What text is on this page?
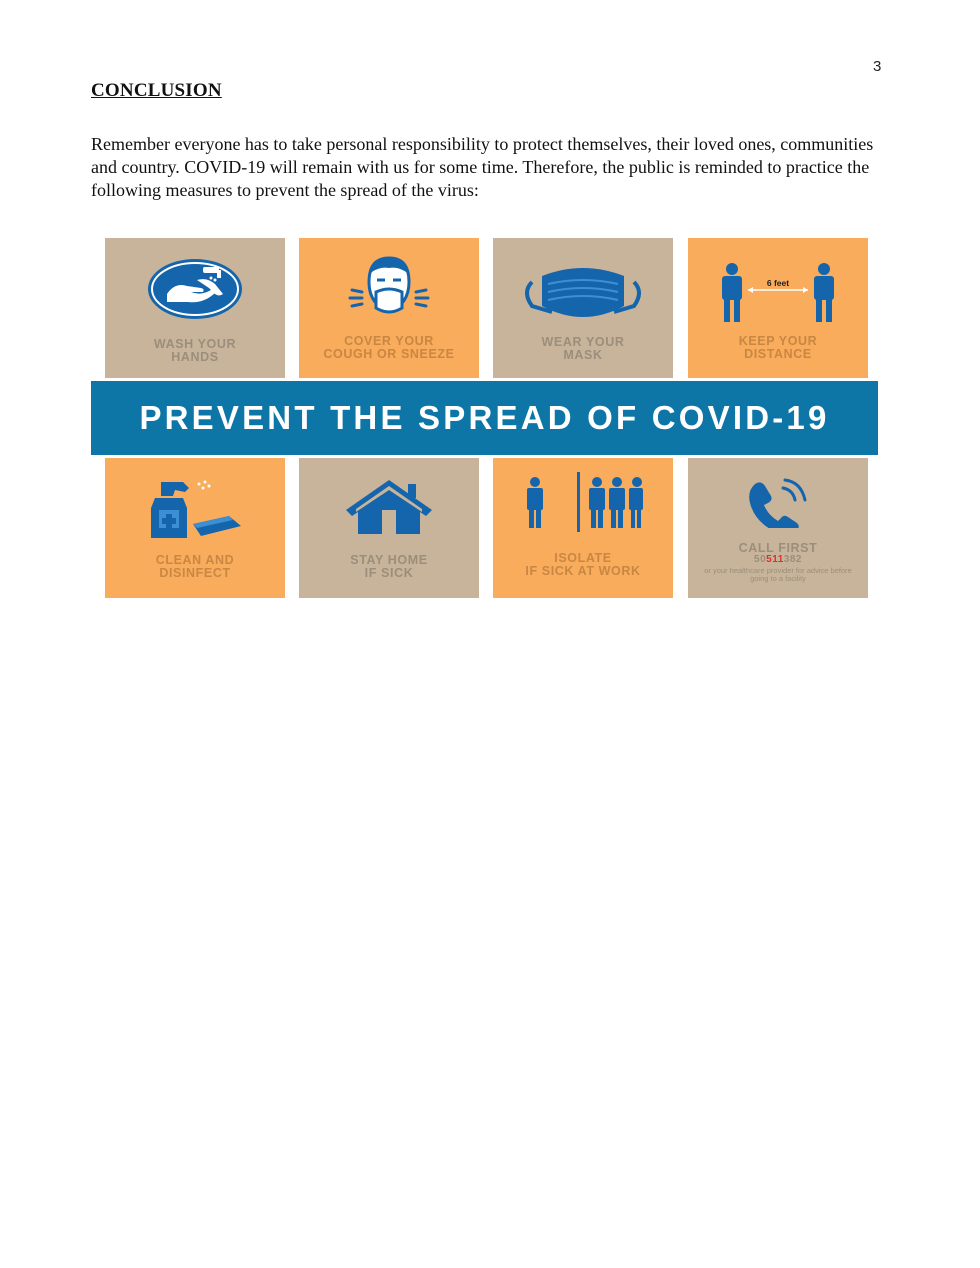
3
CONCLUSION

Remember everyone has to take personal responsibility to protect themselves, their loved ones, communities and country. COVID-19 will remain with us for some time. Therefore, the public is reminded to practice the following measures to prevent the spread of the virus:

WASH YOUR
HANDS
COVER YOUR
COUGH OR SNEEZE
WEAR YOUR
MASK
6 feet
KEEP YOUR
DISTANCE
PREVENT THE SPREAD OF COVID-19
CLEAN AND
DISINFECT
STAY HOME
IF SICK
ISOLATE
IF SICK AT WORK
CALL FIRST
50511382
or your healthcare provider for advice before going to a facility
